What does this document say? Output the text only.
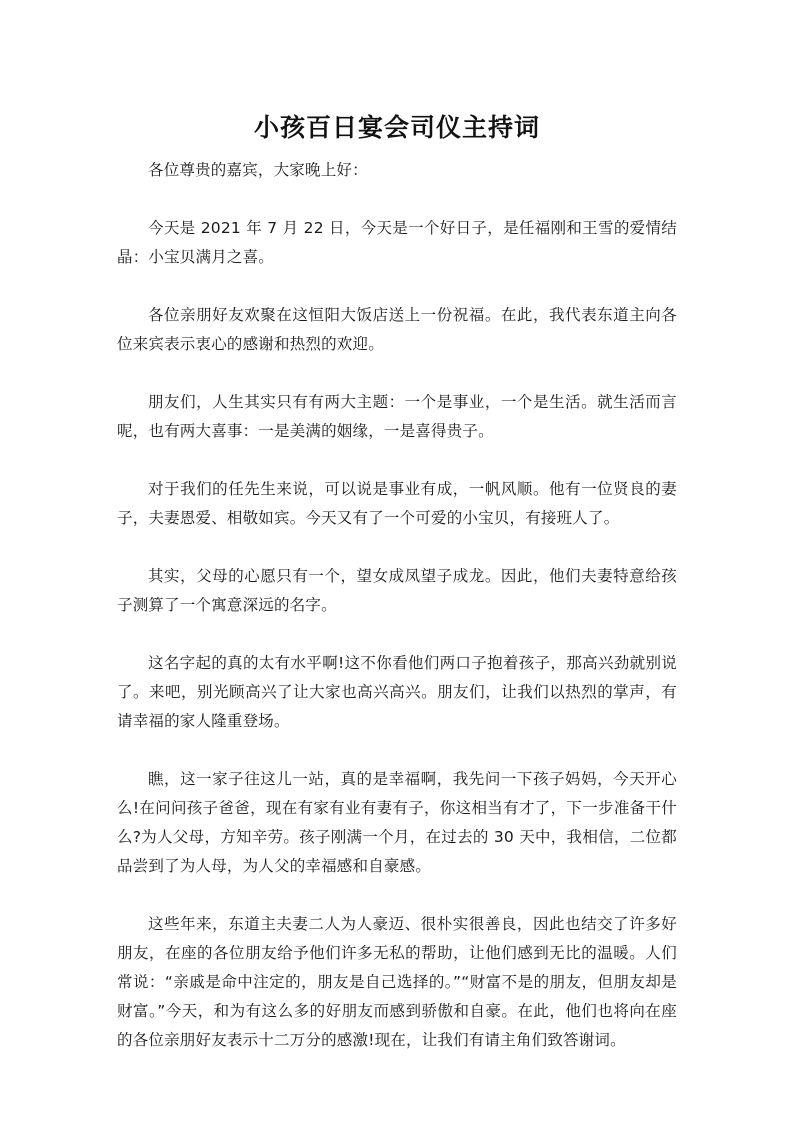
小孩百日宴会司仪主持词

各位尊贵的嘉宾，大家晚上好：

今天是 2021 年 7 月 22 日，今天是一个好日子，是任福刚和王雪的爱情结晶：小宝贝满月之喜。

各位亲朋好友欢聚在这恒阳大饭店送上一份祝福。在此，我代表东道主向各位来宾表示衷心的感谢和热烈的欢迎。

朋友们，人生其实只有有两大主题：一个是事业，一个是生活。就生活而言呢，也有两大喜事：一是美满的姻缘，一是喜得贵子。

对于我们的任先生来说，可以说是事业有成，一帆风顺。他有一位贤良的妻子，夫妻恩爱、相敬如宾。今天又有了一个可爱的小宝贝，有接班人了。

其实，父母的心愿只有一个，望女成凤望子成龙。因此，他们夫妻特意给孩子测算了一个寓意深远的名字。

这名字起的真的太有水平啊!这不你看他们两口子抱着孩子，那高兴劲就别说了。来吧，别光顾高兴了让大家也高兴高兴。朋友们，让我们以热烈的掌声，有请幸福的家人隆重登场。

瞧，这一家子往这儿一站，真的是幸福啊，我先问一下孩子妈妈，今天开心么!在问问孩子爸爸，现在有家有业有妻有子，你这相当有才了，下一步准备干什么?为人父母，方知辛劳。孩子刚满一个月，在过去的 30 天中，我相信，二位都品尝到了为人母，为人父的幸福感和自豪感。

这些年来，东道主夫妻二人为人豪迈、很朴实很善良，因此也结交了许多好朋友，在座的各位朋友给予他们许多无私的帮助，让他们感到无比的温暖。人们常说：“亲戚是命中注定的，朋友是自己选择的。”“财富不是的朋友，但朋友却是财富。”今天，和为有这么多的好朋友而感到骄傲和自豪。在此，他们也将向在座的各位亲朋好友表示十二万分的感激!现在，让我们有请主角们致答谢词。
